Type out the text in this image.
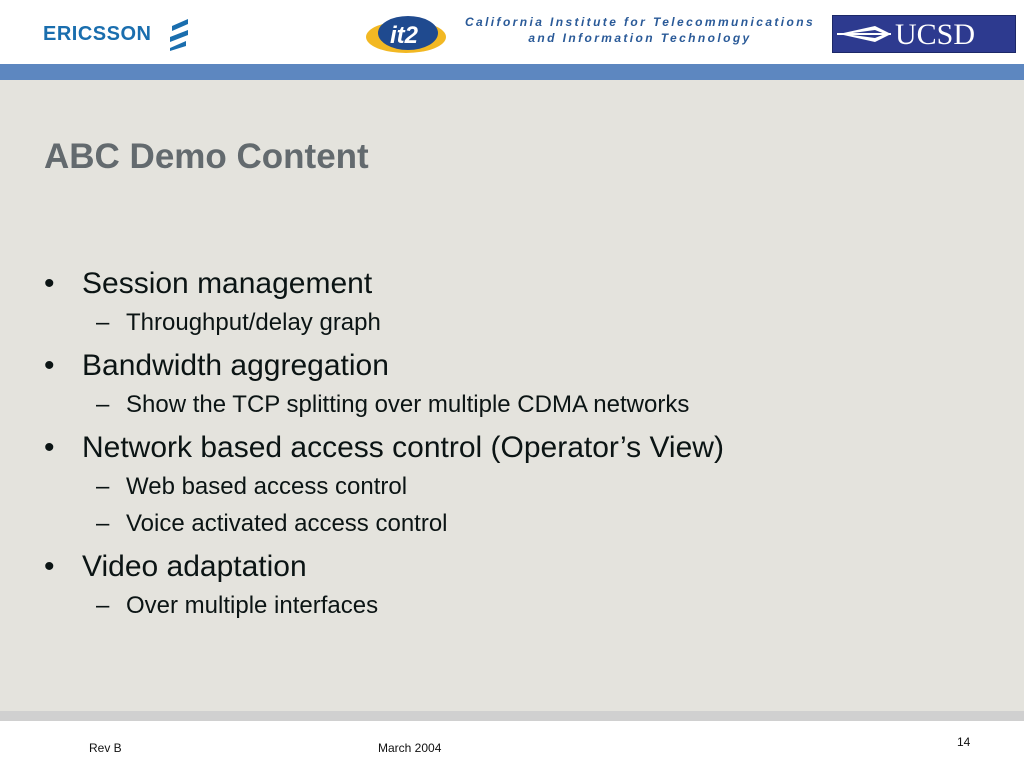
ERICSSON	it2	California Institute for Telecommunications
and Information Technology	UCSD
ABC Demo Content
• Session management
– Throughput/delay graph
• Bandwidth aggregation
– Show the TCP splitting over multiple CDMA networks
• Network based access control (Operator’s View)
– Web based access control
– Voice activated access control
• Video adaptation
– Over multiple interfaces
Rev B	March 2004	14
